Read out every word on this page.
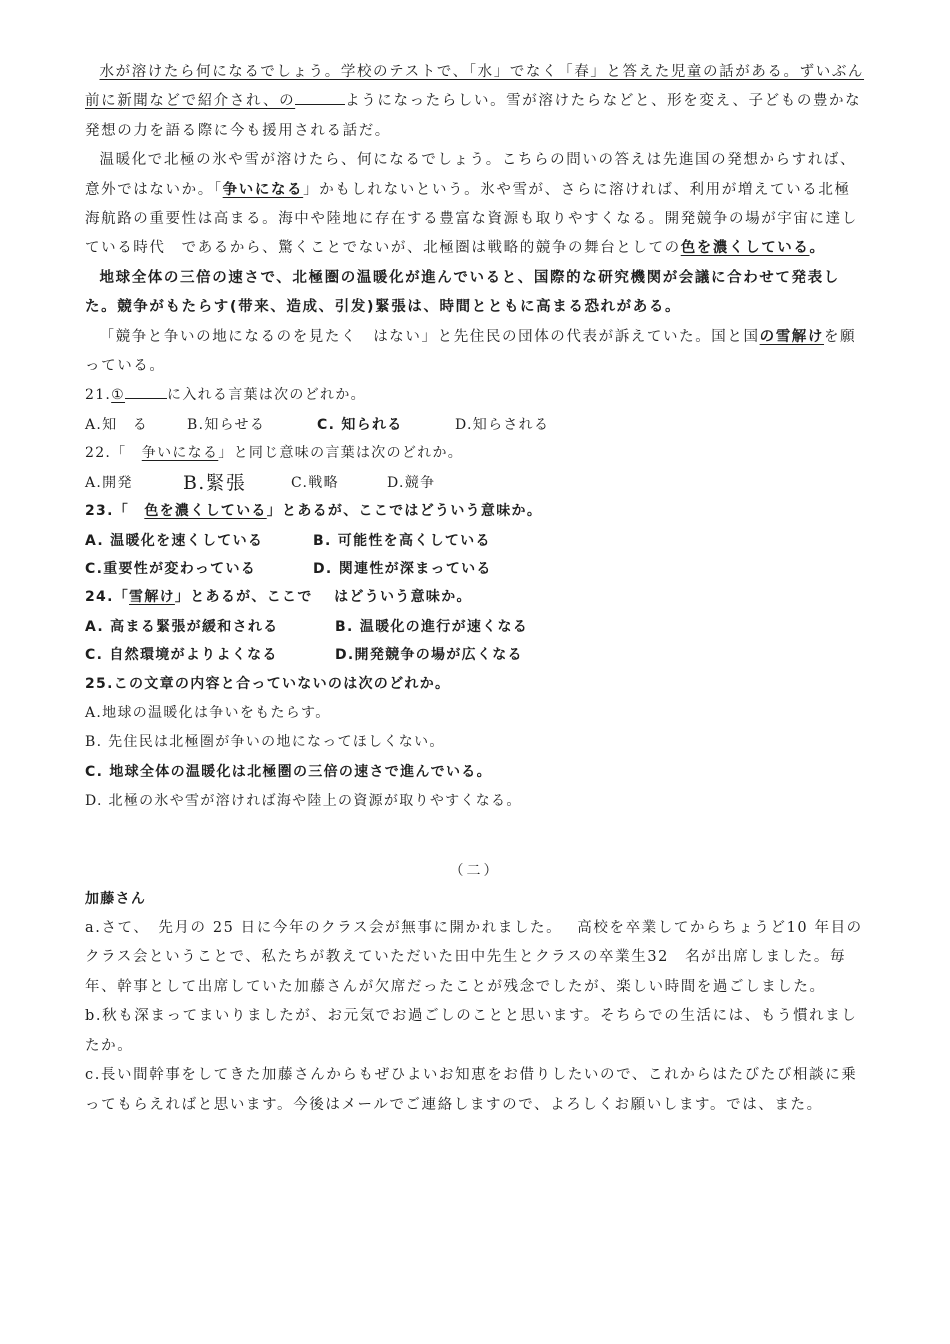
水が溶けたら何になるでしょう。学校のテストで、「水」でなく「春」と答えた児童の話がある。ずいぶん前に新聞などで紹介され、の	ようになったらしい。雪が溶けたらなどと、形を変え、子どもの豊かな発想の力を語る際に今も援用される話だ。

温暖化で北極の氷や雪が溶けたら、何になるでしょう。こちらの問いの答えは先進国の発想からすれば、意外ではないか。「争いになる」かもしれないという。氷や雪が、さらに溶ければ、利用が増えている北極海航路の重要性は高まる。海中や陸地に存在する豊富な資源も取りやすくなる。開発競争の場が宇宙に達している時代　であるから、驚くことでないが、北極圏は戦略的競争の舞台としての色を濃くしている。

地球全体の三倍の速さで、北極圏の温暖化が進んでいると、国際的な研究機関が会議に合わせて発表した。競争がもたらす(带来、造成、引发)緊張は、時間とともに高まる恐れがある。

「競争と争いの地になるのを見たく　はない」と先住民の団体の代表が訴えていた。国と国の雪解けを願っている。

21.①	に入れる言葉は次のどれか。

A.知　る	B.知らせる	C. 知られる	D.知らされる

22.「　争いになる」と同じ意味の言葉は次のどれか。

A.開発	B.緊張	C.戦略	D.競争

23.「　色を濃くしている」とあるが、ここではどういう意味か。

A. 温暖化を速くしている	B. 可能性を高くしている
C.重要性が変わっている	D. 関連性が深まっている

24.「雪解け」とあるが、ここで　 はどういう意味か。

A. 高まる緊張が緩和される	B. 温暖化の進行が速くなる
C. 自然環境がよりよくなる	D.開発競争の場が広くなる

25.この文章の内容と合っていないのは次のどれか。

A.地球の温暖化は争いをもたらす。

B. 先住民は北極圏が争いの地になってほしくない。

C. 地球全体の温暖化は北極圏の三倍の速さで進んでいる。

D. 北極の氷や雪が溶ければ海や陸上の資源が取りやすくなる。

（二）

加藤さん

a.さて、　先月の 25 日に今年のクラス会が無事に開かれました。　 高校を卒業してからちょうど10 年目のクラス会ということで、私たちが教えていただいた田中先生とクラスの卒業生32　名が出席しました。毎年、幹事として出席していた加藤さんが欠席だったことが残念でしたが、楽しい時間を過ごしました。

b.秋も深まってまいりましたが、お元気でお過ごしのことと思います。そちらでの生活には、もう慣れましたか。

c.長い間幹事をしてきた加藤さんからもぜひよいお知恵をお借りしたいので、これからはたびたび相談に乗ってもらえればと思います。今後はメールでご連絡しますので、よろしくお願いします。では、また。
